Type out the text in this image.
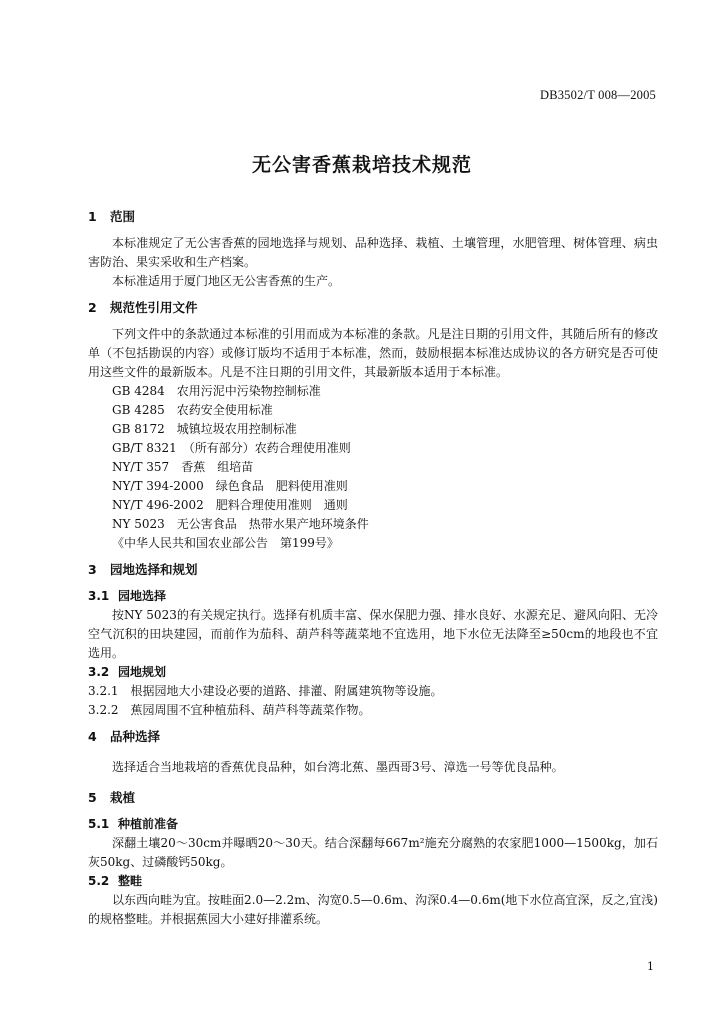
DB3502/T 008—2005
无公害香蕉栽培技术规范
1 范围

本标准规定了无公害香蕉的园地选择与规划、品种选择、栽植、土壤管理，水肥管理、树体管理、病虫害防治、果实采收和生产档案。

本标准适用于厦门地区无公害香蕉的生产。

2 规范性引用文件

下列文件中的条款通过本标准的引用而成为本标准的条款。凡是注日期的引用文件，其随后所有的修改单（不包括勘误的内容）或修订版均不适用于本标准，然而，鼓励根据本标准达成协议的各方研究是否可使用这些文件的最新版本。凡是不注日期的引用文件，其最新版本适用于本标准。

GB 4284　农用污泥中污染物控制标准

GB 4285　农药安全使用标准

GB 8172　城镇垃圾农用控制标准

GB/T 8321　（所有部分）农药合理使用准则

NY/T 357　香蕉　组培苗

NY/T 394-2000　绿色食品　肥料使用准则

NY/T 496-2002　肥料合理使用准则　通则

NY 5023　无公害食品　热带水果产地环境条件

《中华人民共和国农业部公告　第199号》

3 园地选择和规划
3.1 园地选择

按NY 5023的有关规定执行。选择有机质丰富、保水保肥力强、排水良好、水源充足、避风向阳、无冷空气沉积的田块建园，而前作为茄科、葫芦科等蔬菜地不宜选用，地下水位无法降至≥50cm的地段也不宜选用。

3.2 园地规划

3.2.1　根据园地大小建设必要的道路、排灌、附属建筑物等设施。

3.2.2　蕉园周围不宜种植茄科、葫芦科等蔬菜作物。

4 品种选择

选择适合当地栽培的香蕉优良品种，如台湾北蕉、墨西哥3号、漳选一号等优良品种。

5 栽植
5.1 种植前准备

深翻土壤20～30cm并曝晒20～30天。结合深翻每667m²施充分腐熟的农家肥1000—1500kg，加石灰50kg、过磷酸钙50kg。

5.2 整畦

以东西向畦为宜。按畦面2.0—2.2m、沟宽0.5—0.6m、沟深0.4—0.6m(地下水位高宜深，反之,宜浅)的规格整畦。并根据蕉园大小建好排灌系统。

1
